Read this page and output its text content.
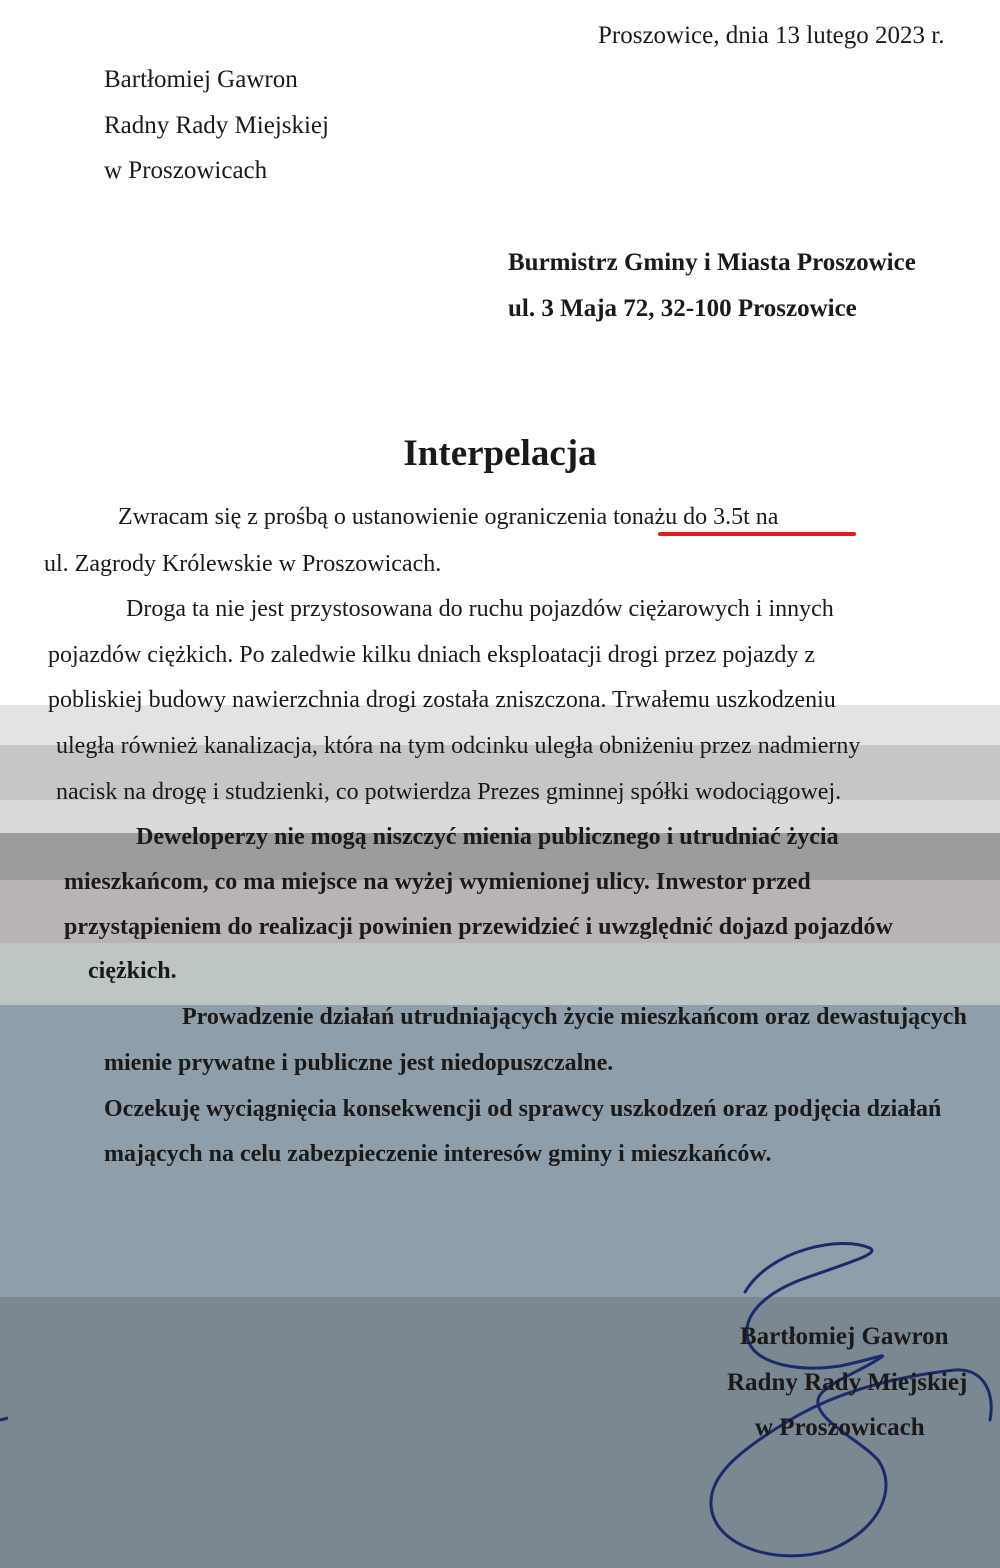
Proszowice, dnia 13 lutego 2023 r.
Bartłomiej Gawron
Radny Rady Miejskiej
w Proszowicach
Burmistrz Gminy i Miasta Proszowice
ul. 3 Maja 72, 32-100 Proszowice
Interpelacja
Zwracam się z prośbą o ustanowienie ograniczenia tonażu do 3.5t na
ul. Zagrody Królewskie w Proszowicach.
Droga ta nie jest przystosowana do ruchu pojazdów ciężarowych i innych
pojazdów ciężkich. Po zaledwie kilku dniach eksploatacji drogi przez pojazdy z
pobliskiej budowy nawierzchnia drogi została zniszczona. Trwałemu uszkodzeniu
uległa również kanalizacja, która na tym odcinku uległa obniżeniu przez nadmierny
nacisk na drogę i studzienki, co potwierdza Prezes gminnej spółki wodociągowej.
Deweloperzy nie mogą niszczyć mienia publicznego i utrudniać życia
mieszkańcom, co ma miejsce na wyżej wymienionej ulicy. Inwestor przed
przystąpieniem do realizacji powinien przewidzieć i uwzględnić dojazd pojazdów
ciężkich.
Prowadzenie działań utrudniających życie mieszkańcom oraz dewastujących
mienie prywatne i publiczne jest niedopuszczalne.
Oczekuję wyciągnięcia konsekwencji od sprawcy uszkodzeń oraz podjęcia działań
mających na celu zabezpieczenie interesów gminy i mieszkańców.
Bartłomiej Gawron
Radny Rady Miejskiej
w Proszowicach
